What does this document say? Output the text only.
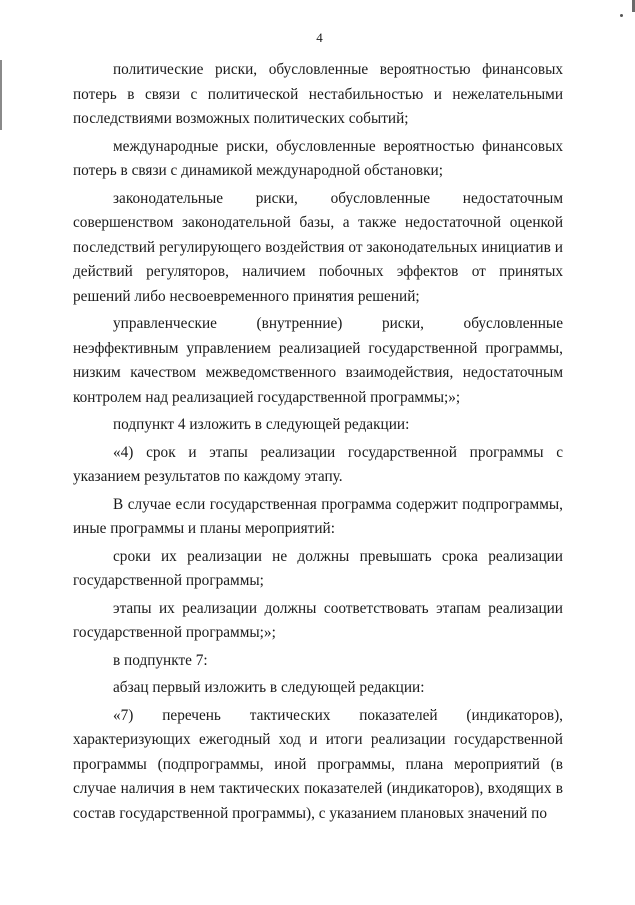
4

политические риски, обусловленные вероятностью финансовых потерь в связи с политической нестабильностью и нежелательными последствиями возможных политических событий;

международные риски, обусловленные вероятностью финансовых потерь в связи с динамикой международной обстановки;

законодательные риски, обусловленные недостаточным совершенством законодательной базы, а также недостаточной оценкой последствий регулирующего воздействия от законодательных инициатив и действий регуляторов, наличием побочных эффектов от принятых решений либо несвоевременного принятия решений;

управленческие (внутренние) риски, обусловленные неэффективным управлением реализацией государственной программы, низким качеством межведомственного взаимодействия, недостаточным контролем над реализацией государственной программы;»;

подпункт 4 изложить в следующей редакции:

«4) срок и этапы реализации государственной программы с указанием результатов по каждому этапу.

В случае если государственная программа содержит подпрограммы, иные программы и планы мероприятий:

сроки их реализации не должны превышать срока реализации государственной программы;

этапы их реализации должны соответствовать этапам реализации государственной программы;»;

в подпункте 7:

абзац первый изложить в следующей редакции:

«7) перечень тактических показателей (индикаторов), характеризующих ежегодный ход и итоги реализации государственной программы (подпрограммы, иной программы, плана мероприятий (в случае наличия в нем тактических показателей (индикаторов), входящих в состав государственной программы), с указанием плановых значений по
